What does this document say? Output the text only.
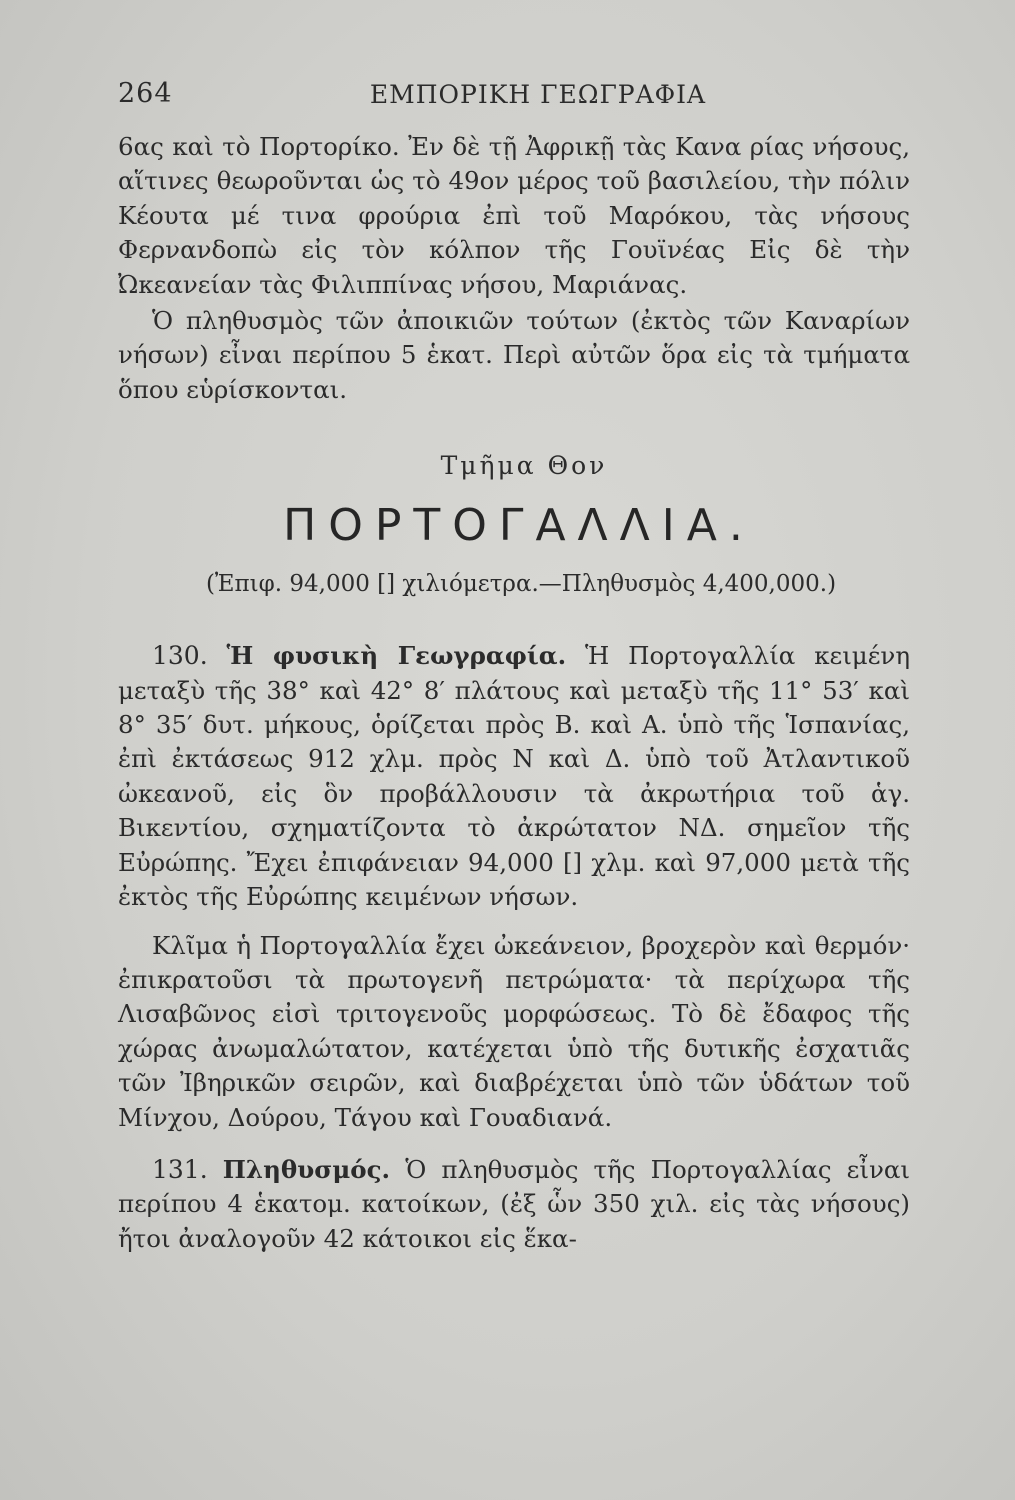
264	ΕΜΠΟΡΙΚΗ ΓΕΩΓΡΑΦΙΑ

6ας καὶ τὸ Πορτορίκο. Ἐν δὲ τῇ Ἀφρικῇ τὰς Κανα ρίας νήσους, αἵτινες θεωροῦνται ὡς τὸ 49ον μέρος τοῦ βασιλείου, τὴν πόλιν Κέουτα μέ τινα φρούρια ἐπὶ τοῦ Μαρόκου, τὰς νήσους Φερνανδοπὼ εἰς τὸν κόλπον τῆς Γουϊνέας Εἰς δὲ τὴν Ὠκεανείαν τὰς Φιλιππίνας νήσου, Μαριάνας.

Ὁ πληθυσμὸς τῶν ἀποικιῶν τούτων (ἐκτὸς τῶν Καναρίων νήσων) εἶναι περίπου 5 ἑκατ. Περὶ αὐτῶν ὅρα εἰς τὰ τμήματα ὅπου εὑρίσκονται.

Τμῆμα Θον
ΠΟΡΤΟΓΑΛΛΙΑ.
(Ἐπιφ. 94,000 [] χιλιόμετρα.—Πληθυσμὸς 4,400,000.)

130. Ἡ φυσικὴ Γεωγραφία. Ἡ Πορτογαλλία κειμένη μεταξὺ τῆς 38° καὶ 42° 8′ πλάτους καὶ μεταξὺ τῆς 11° 53′ καὶ 8° 35′ δυτ. μήκους, ὁρίζεται πρὸς Β. καὶ Α. ὑπὸ τῆς Ἱσπανίας, ἐπὶ ἐκτάσεως 912 χλμ. πρὸς Ν καὶ Δ. ὑπὸ τοῦ Ἀτλαντικοῦ ὠκεανοῦ, εἰς ὃν προβάλλουσιν τὰ ἀκρωτήρια τοῦ ἁγ. Βικεντίου, σχηματίζοντα τὸ ἀκρώτατον ΝΔ. σημεῖον τῆς Εὐρώπης. Ἔχει ἐπιφάνειαν 94,000 [] χλμ. καὶ 97,000 μετὰ τῆς ἐκτὸς τῆς Εὐρώπης κειμένων νήσων.

Κλῖμα ἡ Πορτογαλλία ἔχει ὠκεάνειον, βροχερὸν καὶ θερμόν· ἐπικρατοῦσι τὰ πρωτογενῆ πετρώματα· τὰ περίχωρα τῆς Λισαβῶνος εἰσὶ τριτογενοῦς μορφώσεως. Τὸ δὲ ἔδαφος τῆς χώρας ἀνωμαλώτατον, κατέχεται ὑπὸ τῆς δυτικῆς ἐσχατιᾶς τῶν Ἰβηρικῶν σειρῶν, καὶ διαβρέχεται ὑπὸ τῶν ὑδάτων τοῦ Μίνχου, Δούρου, Τάγου καὶ Γουαδιανά.

131. Πληθυσμός. Ὁ πληθυσμὸς τῆς Πορτογαλλίας εἶναι περίπου 4 ἑκατομ. κατοίκων, (ἐξ ὧν 350 χιλ. εἰς τὰς νήσους) ἤτοι ἀναλογοῦν 42 κάτοικοι εἰς ἕκα-
